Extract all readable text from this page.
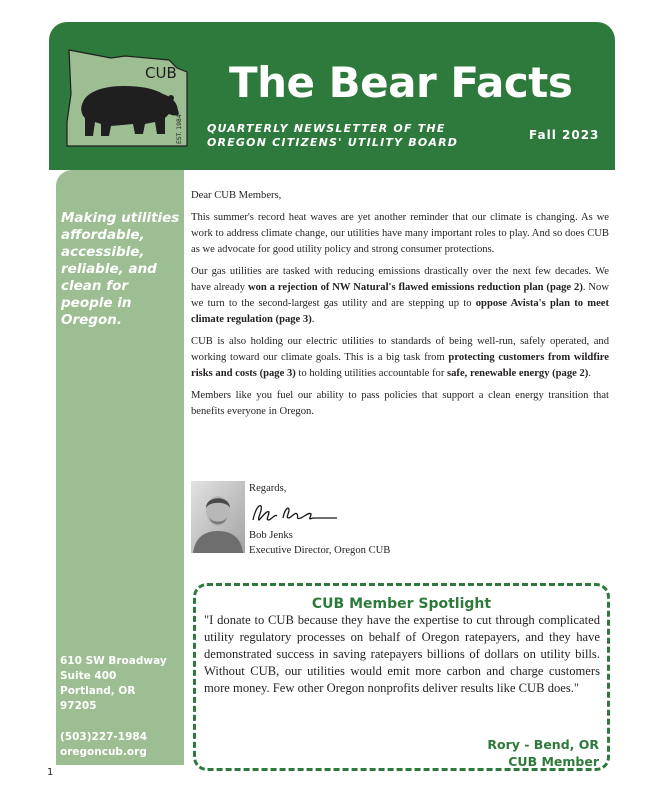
CUB
EST. 1984
The Bear Facts

QUARTERLY NEWSLETTER OF THE
OREGON CITIZENS' UTILITY BOARD

Fall 2023

Making utilities affordable, accessible, reliable, and clean for people in Oregon.

610 SW Broadway
Suite 400
Portland, OR
97205

(503)227-1984
oregoncub.org

Dear CUB Members,

This summer's record heat waves are yet another reminder that our climate is changing. As we work to address climate change, our utilities have many important roles to play. And so does CUB as we advocate for good utility policy and strong consumer protections.

Our gas utilities are tasked with reducing emissions drastically over the next few decades. We have already won a rejection of NW Natural's flawed emissions reduction plan (page 2). Now we turn to the second-largest gas utility and are stepping up to oppose Avista's plan to meet climate regulation (page 3).

CUB is also holding our electric utilities to standards of being well-run, safely operated, and working toward our climate goals. This is a big task from protecting customers from wildfire risks and costs (page 3) to holding utilities accountable for safe, renewable energy (page 2).

Members like you fuel our ability to pass policies that support a clean energy transition that benefits everyone in Oregon.

Regards,
Bob Jenks
Executive Director, Oregon CUB

CUB Member Spotlight

"I donate to CUB because they have the expertise to cut through complicated utility regulatory processes on behalf of Oregon ratepayers, and they have demonstrated success in saving ratepayers billions of dollars on utility bills. Without CUB, our utilities would emit more carbon and charge customers more money. Few other Oregon nonprofits deliver results like CUB does."

Rory - Bend, OR
CUB Member

1
